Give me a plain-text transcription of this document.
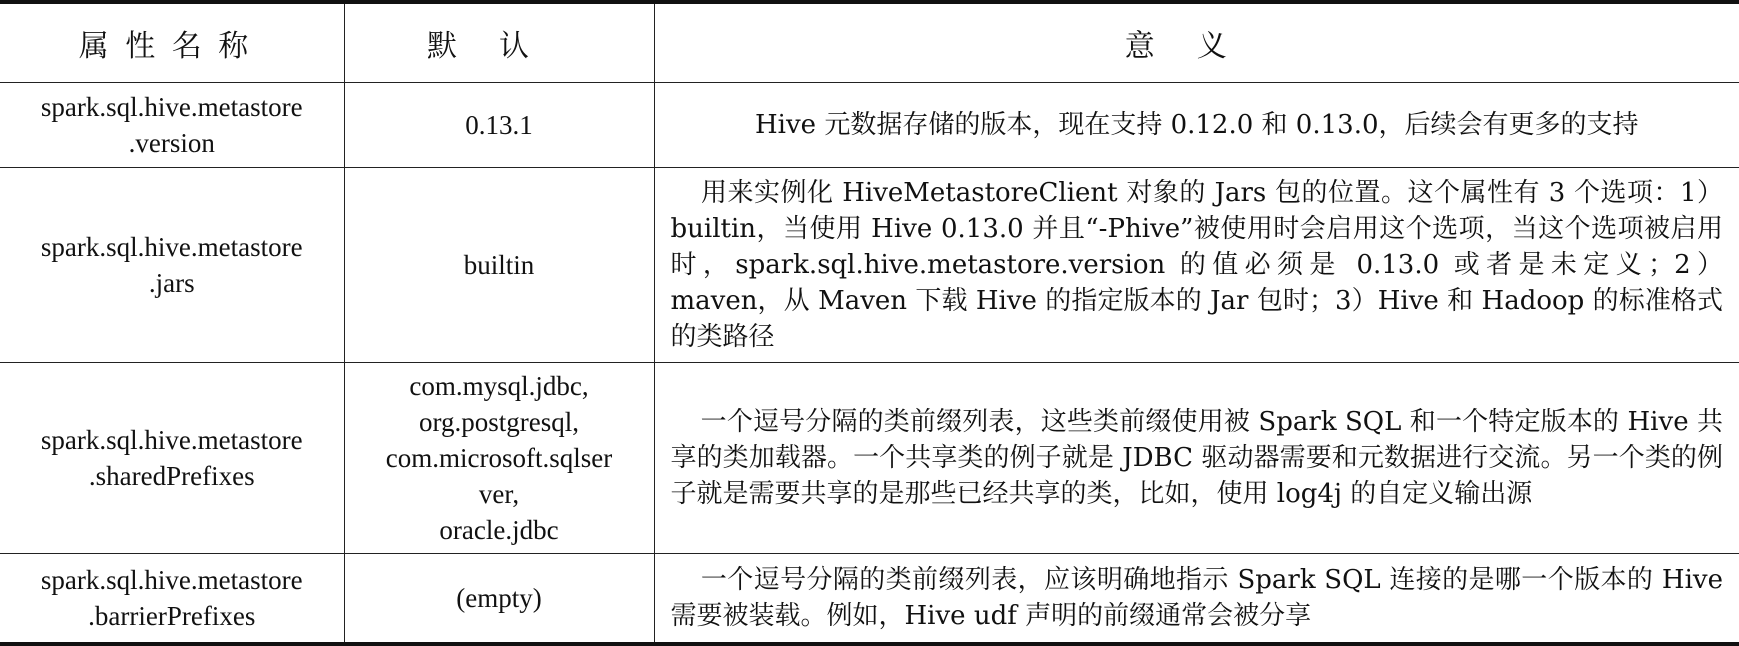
属性名称	默认	意义

spark.sql.hive.metastore
.version	0.13.1	Hive 元数据存储的版本，现在支持 0.12.0 和 0.13.0，后续会有更多的支持

spark.sql.hive.metastore
.jars	builtin	用来实例化 HiveMetastoreClient 对象的 Jars 包的位置。这个属性有 3 个选项：1）builtin，当使用 Hive 0.13.0 并且“-Phive”被使用时会启用这个选项，当这个选项被启用时，spark.sql.hive.metastore.version 的值必须是 0.13.0 或者是未定义；2）maven，从 Maven 下载 Hive 的指定版本的 Jar 包时；3）Hive 和 Hadoop 的标准格式的类路径

spark.sql.hive.metastore
.sharedPrefixes	com.mysql.jdbc,
org.postgresql,
com.microsoft.sqlser
ver,
oracle.jdbc	一个逗号分隔的类前缀列表，这些类前缀使用被 Spark SQL 和一个特定版本的 Hive 共享的类加载器。一个共享类的例子就是 JDBC 驱动器需要和元数据进行交流。另一个类的例子就是需要共享的是那些已经共享的类，比如，使用 log4j 的自定义输出源

spark.sql.hive.metastore
.barrierPrefixes	(empty)	一个逗号分隔的类前缀列表，应该明确地指示 Spark SQL 连接的是哪一个版本的 Hive 需要被装载。例如，Hive udf 声明的前缀通常会被分享
